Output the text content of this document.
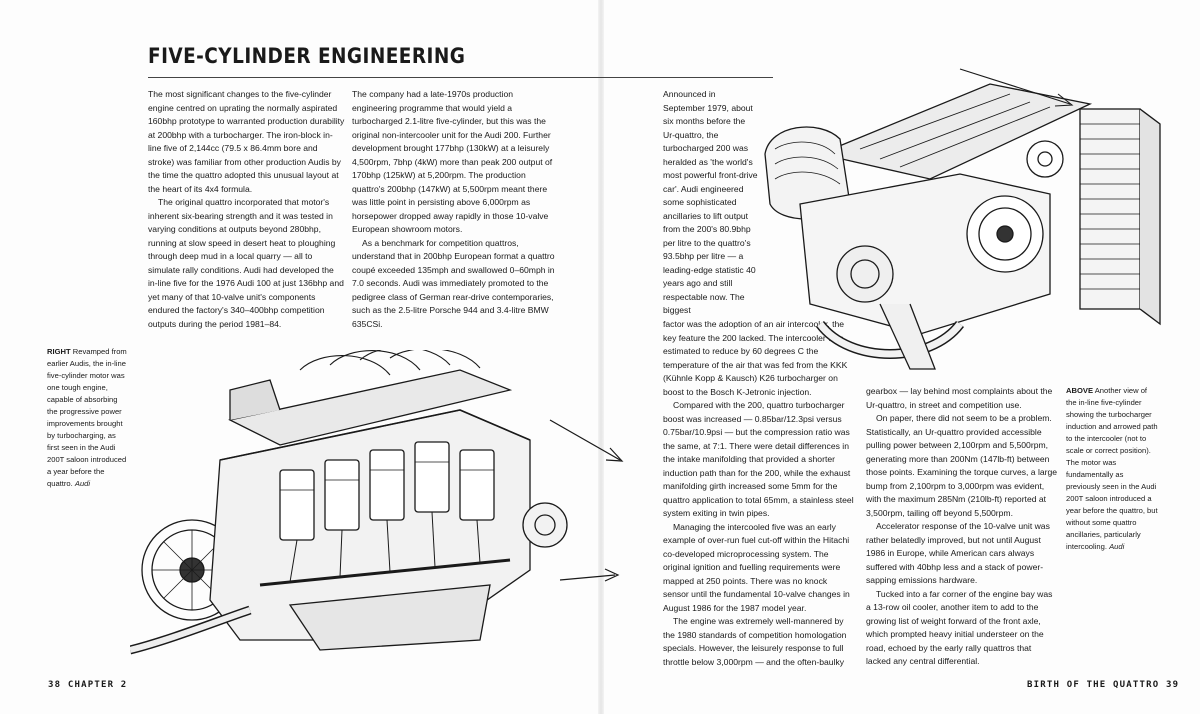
FIVE-CYLINDER ENGINEERING

The most significant changes to the five-cylinder engine centred on uprating the normally aspirated 160bhp prototype to warranted production durability at 200bhp with a turbocharger. The iron-block in-line five of 2,144cc (79.5 x 86.4mm bore and stroke) was familiar from other production Audis by the time the quattro adopted this unusual layout at the heart of its 4x4 formula.

The original quattro incorporated that motor's inherent six-bearing strength and it was tested in varying conditions at outputs beyond 280bhp, running at slow speed in desert heat to ploughing through deep mud in a local quarry — all to simulate rally conditions. Audi had developed the in-line five for the 1976 Audi 100 at just 136bhp and yet many of that 10-valve unit's components endured the factory's 340–400bhp competition outputs during the period 1981–84.

The company had a late-1970s production engineering programme that would yield a turbocharged 2.1-litre five-cylinder, but this was the original non-intercooler unit for the Audi 200. Further development brought 177bhp (130kW) at a leisurely 4,500rpm, 7bhp (4kW) more than peak 200 output of 170bhp (125kW) at 5,200rpm. The production quattro's 200bhp (147kW) at 5,500rpm meant there was little point in persisting above 6,000rpm as horsepower dropped away rapidly in those 10-valve European showroom motors.

As a benchmark for competition quattros, understand that in 200bhp European format a quattro coupé exceeded 135mph and swallowed 0–60mph in 7.0 seconds. Audi was immediately promoted to the pedigree class of German rear-drive contemporaries, such as the 2.5-litre Porsche 944 and 3.4-litre BMW 635CSi.

Announced in September 1979, about six months before the Ur-quattro, the turbocharged 200 was heralded as 'the world's most powerful front-drive car'. Audi engineered some sophisticated ancillaries to lift output from the 200's 80.9bhp per litre to the quattro's 93.5bhp per litre — a leading-edge statistic 40 years ago and still respectable now. The biggest

factor was the adoption of an air intercooler, the key feature the 200 lacked. The intercooler was estimated to reduce by 60 degrees C the temperature of the air that was fed from the KKK (Kühnle Kopp & Kausch) K26 turbocharger on boost to the Bosch K-Jetronic injection.

Compared with the 200, quattro turbocharger boost was increased — 0.85bar/12.3psi versus 0.75bar/10.9psi — but the compression ratio was the same, at 7:1. There were detail differences in the intake manifolding that provided a shorter induction path than for the 200, while the exhaust manifolding girth increased some 5mm for the quattro application to total 65mm, a stainless steel system exiting in twin pipes.

Managing the intercooled five was an early example of over-run fuel cut-off within the Hitachi co-developed microprocessing system. The original ignition and fuelling requirements were mapped at 250 points. There was no knock sensor until the fundamental 10-valve changes in August 1986 for the 1987 model year.

The engine was extremely well-mannered by the 1980 standards of competition homologation specials. However, the leisurely response to full throttle below 3,000rpm — and the often-baulky

gearbox — lay behind most complaints about the Ur-quattro, in street and competition use.

On paper, there did not seem to be a problem. Statistically, an Ur-quattro provided accessible pulling power between 2,100rpm and 5,500rpm, generating more than 200Nm (147lb-ft) between those points. Examining the torque curves, a large bump from 2,100rpm to 3,000rpm was evident, with the maximum 285Nm (210lb-ft) reported at 3,500rpm, tailing off beyond 5,500rpm.

Accelerator response of the 10-valve unit was rather belatedly improved, but not until August 1986 in Europe, while American cars always suffered with 40bhp less and a stack of power-sapping emissions hardware.

Tucked into a far corner of the engine bay was a 13-row oil cooler, another item to add to the growing list of weight forward of the front axle, which prompted heavy initial understeer on the road, echoed by the early rally quattros that lacked any central differential.

RIGHT Revamped from earlier Audis, the in-line five-cylinder motor was one tough engine, capable of absorbing the progressive power improvements brought by turbocharging, as first seen in the Audi 200T saloon introduced a year before the quattro. Audi
ABOVE Another view of the in-line five-cylinder showing the turbocharger induction and arrowed path to the intercooler (not to scale or correct position). The motor was fundamentally as previously seen in the Audi 200T saloon introduced a year before the quattro, but without some quattro ancillaries, particularly intercooling. Audi
38 CHAPTER 2	BIRTH OF THE QUATTRO 39
